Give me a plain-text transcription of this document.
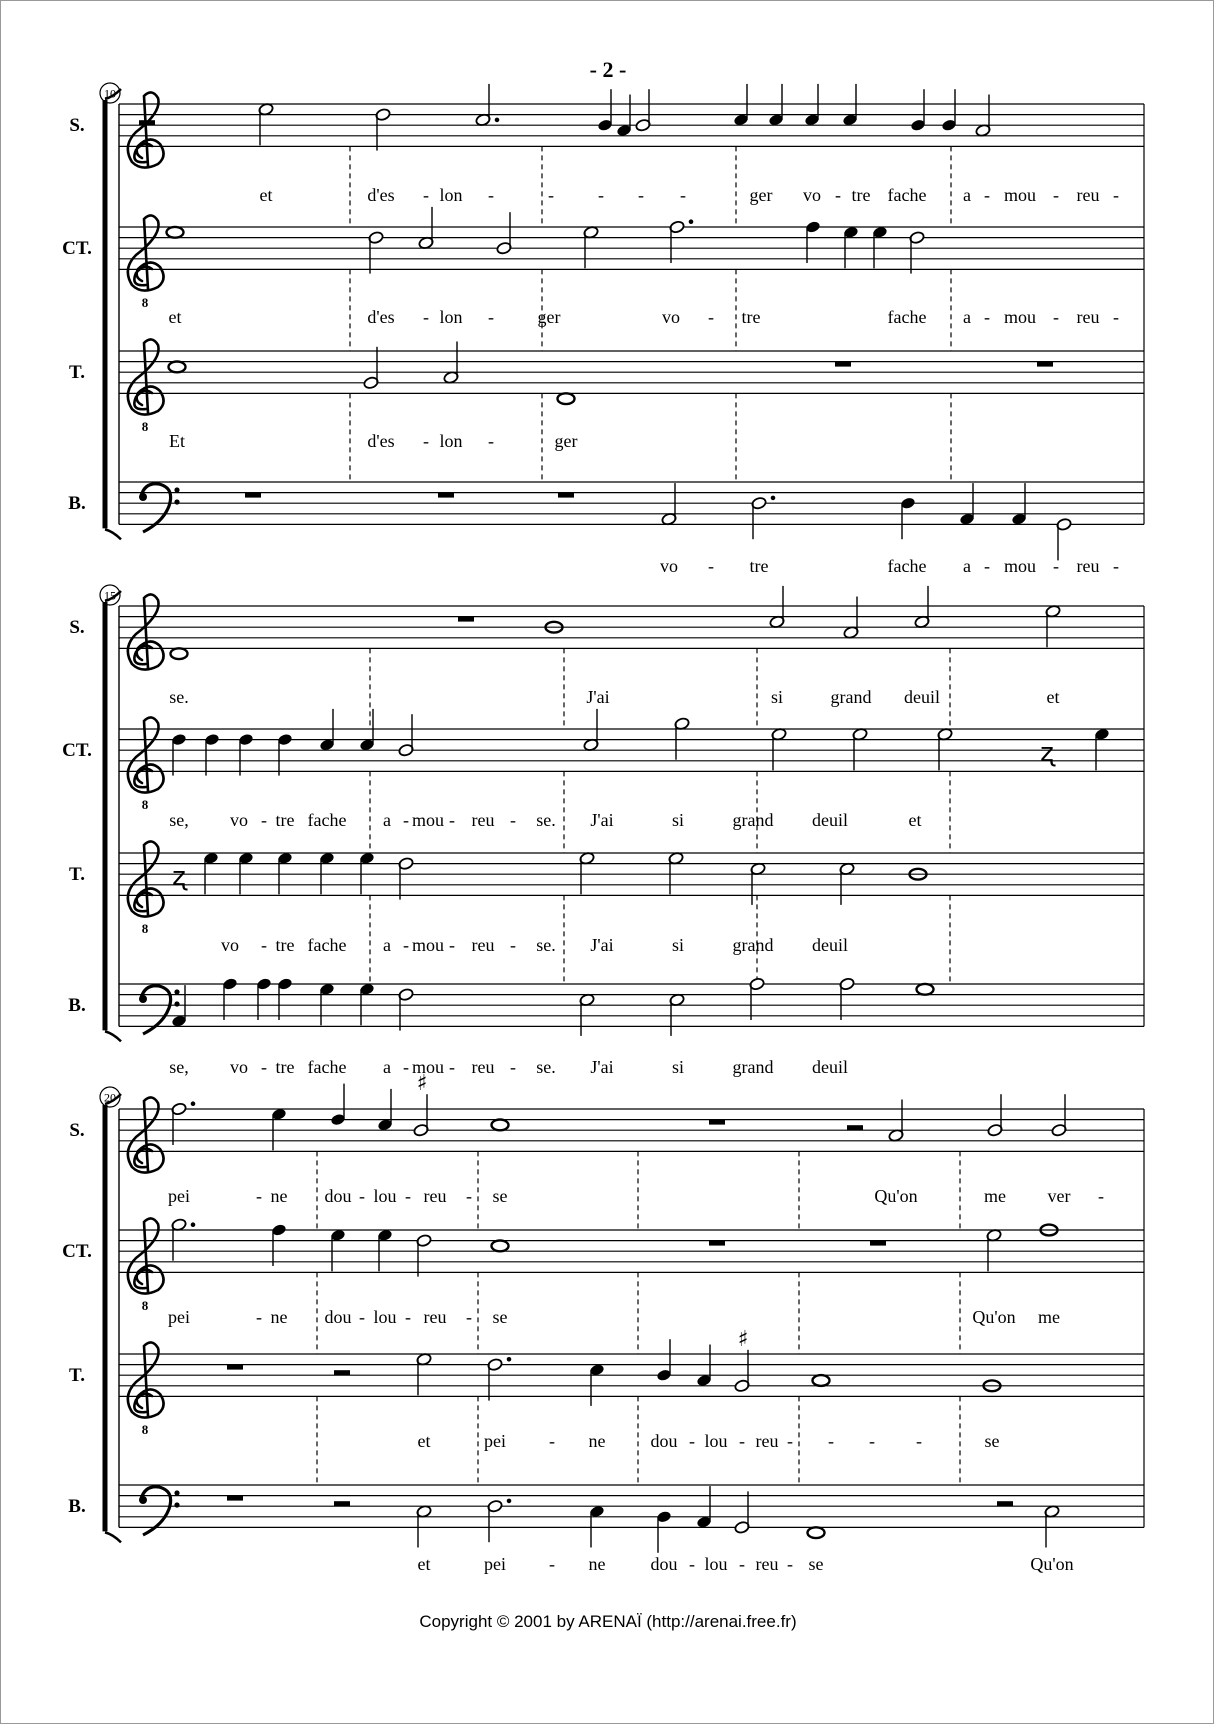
- 2 -
10
S.
et	d'es - lon -	- - - -	ger vo - tre fache a - mou - reu -
8
CT.
et	d'es - lon - ger	vo - tre	fache a - mou - reu -
8
T.
Et	d'es - lon -	ger
B.
vo - tre	fache a - mou - reu -
15
S.
se.	J'ai	si	grand deuil	et
8
CT.	ʐ
se, vo - tre fache a - mou - reu - se. J'ai	si	grand deuil	et
8
T.	ʐ
vo - tre fache a - mou - reu - se. J'ai	si	grand deuil
B.
se, vo - tre fache a - mou - reu - se. J'ai	si	grand deuil
20
S.
♯
pei	- ne dou - lou - reu - se	Qu'on	me ver -
8
CT.
pei	- ne dou - lou - reu - se	Qu'on me
8
T.
♯
et	pei - ne	dou - lou - reu - - - -	se
B.
et	pei - ne	dou - lou - reu - se	Qu'on
Copyright © 2001 by ARENAÏ (http://arenai.free.fr)
